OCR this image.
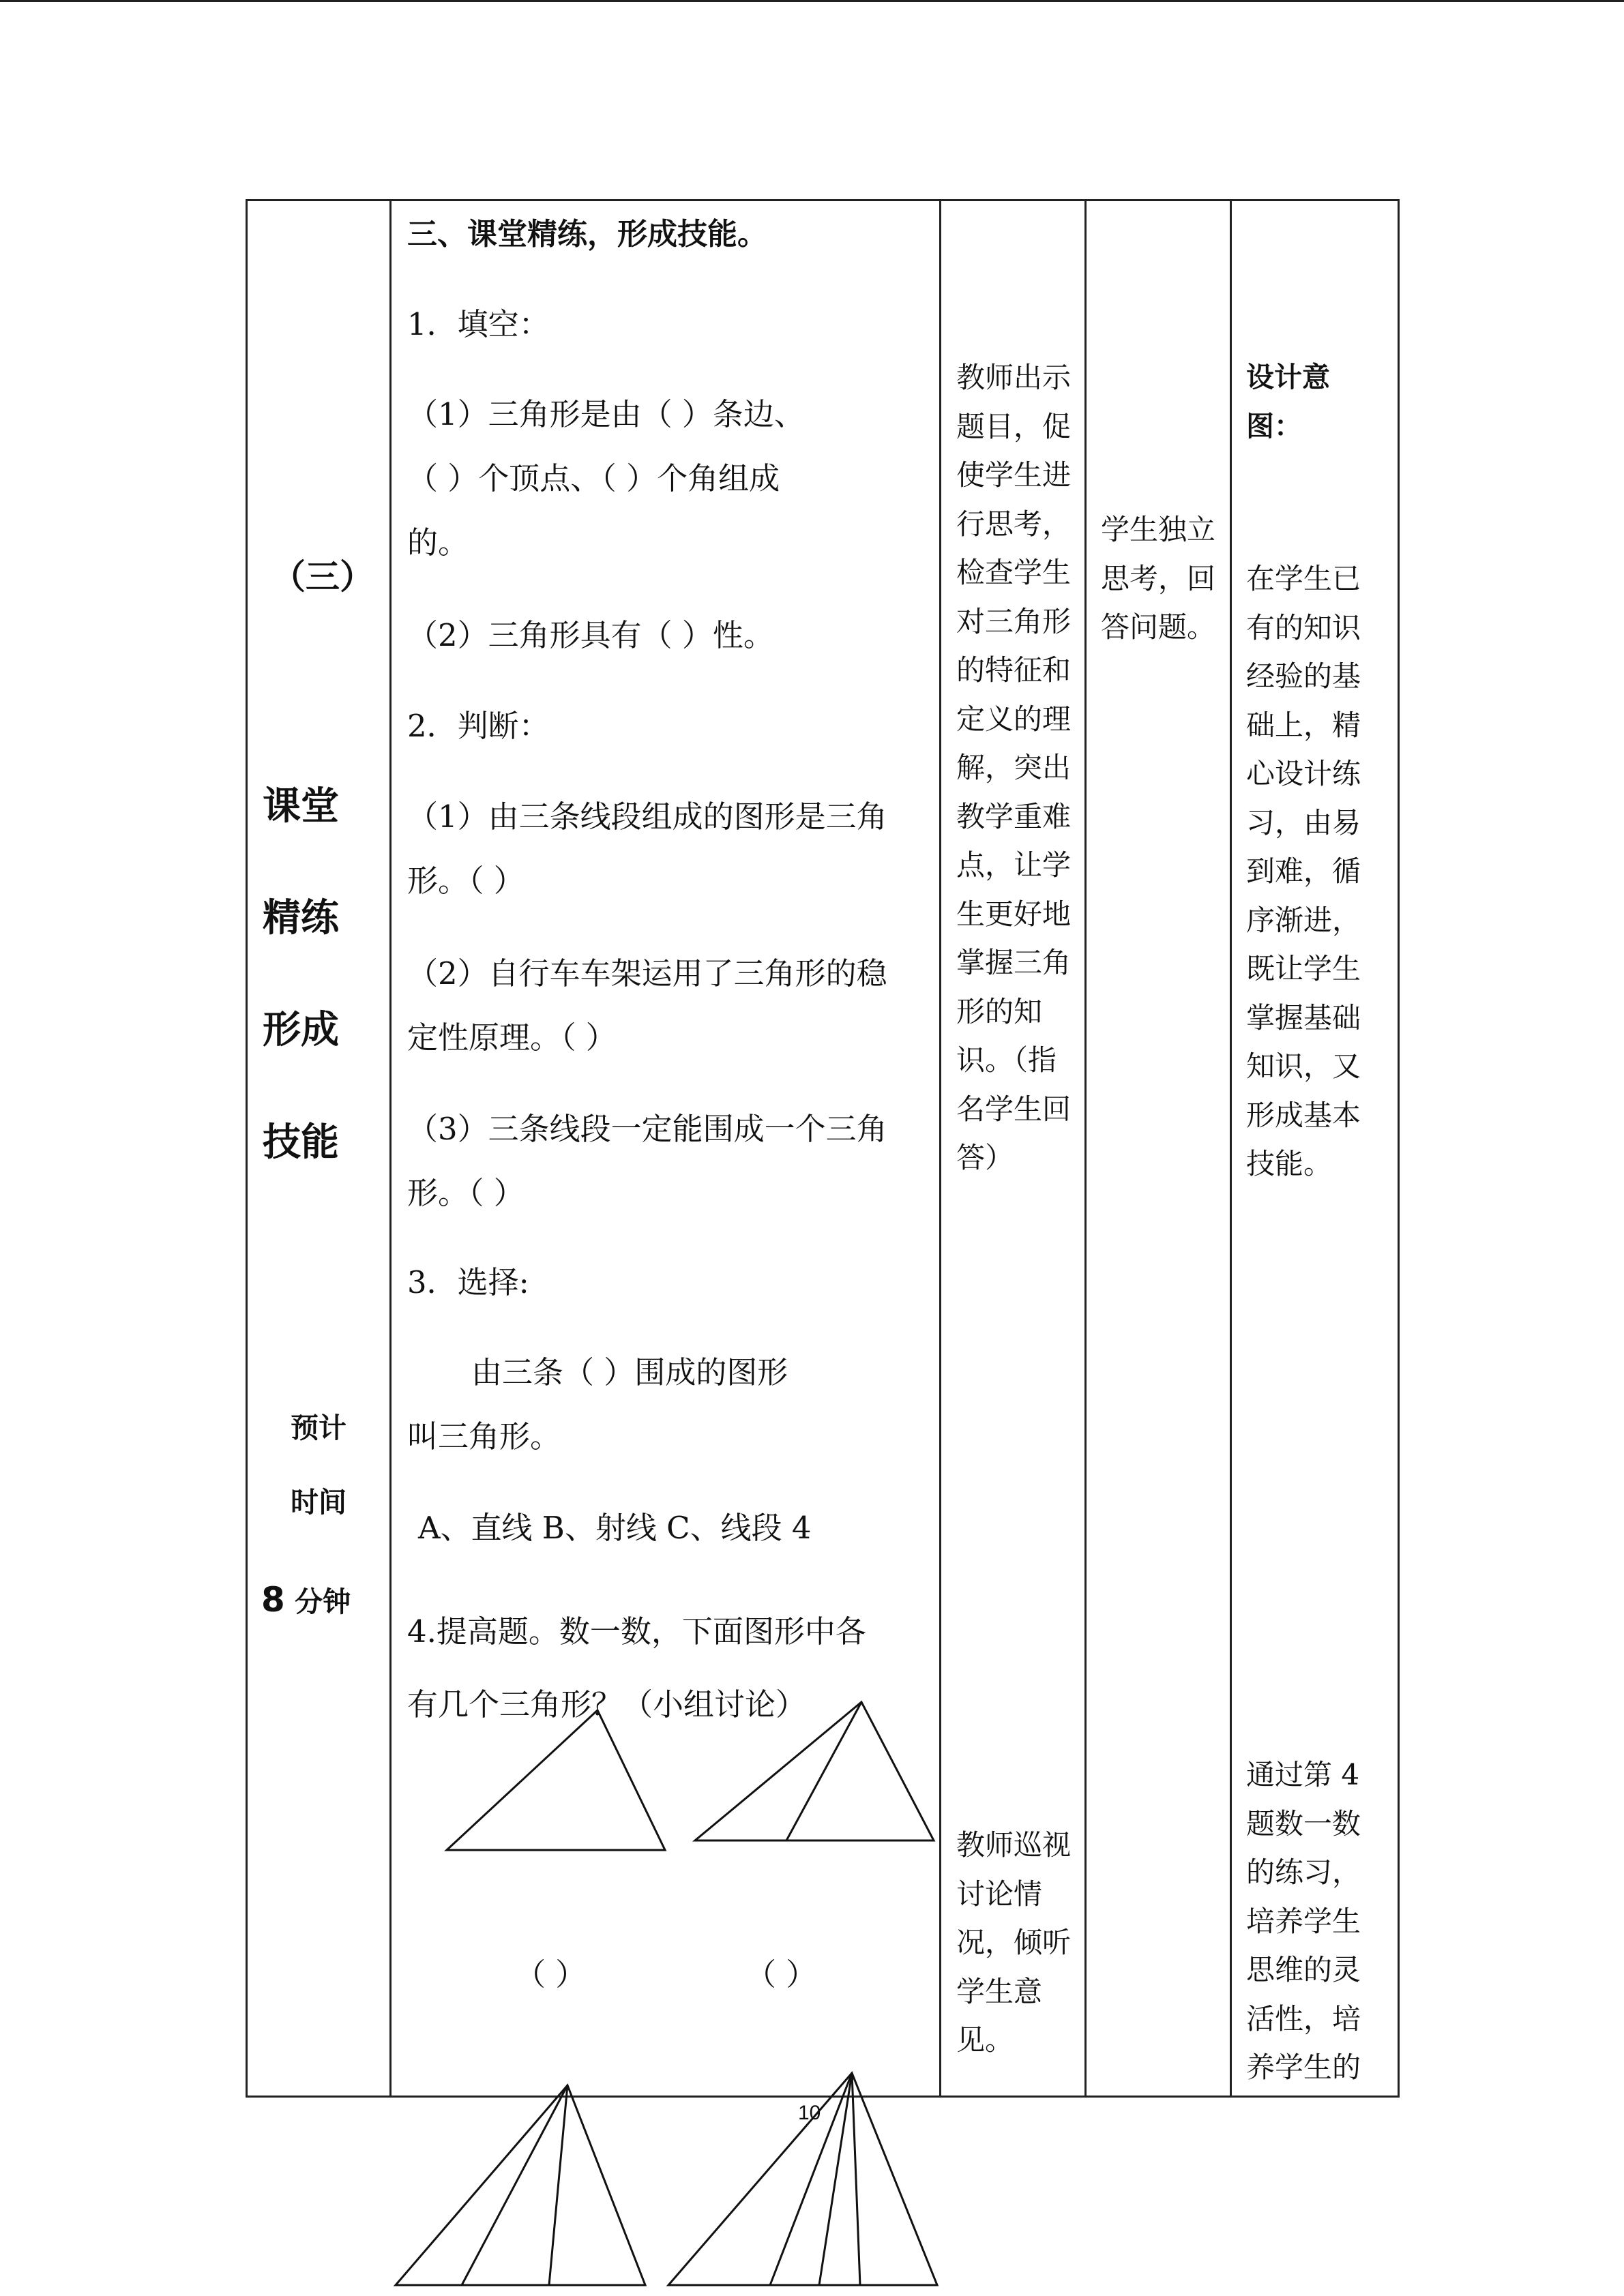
（三）
课堂
精练
形成
技能
预计
时间
8 分钟
三、课堂精练，形成技能。
1．填空：
（1）三角形是由（ ）条边、
（ ）个顶点、（ ）个角组成
的。
（2）三角形具有（ ）性。
2．判断：
（1）由三条线段组成的图形是三角
形。（ ）
（2）自行车车架运用了三角形的稳
定性原理。（ ）
（3）三条线段一定能围成一个三角
形。（ ）
3．选择:
由三条（ ）围成的图形
叫三角形。
A、直线 B、射线 C、线段 4
4.提高题。数一数，下面图形中各
有几个三角形？（小组讨论）
（ ）	（ ）
教师出示
题目，促
使学生进
行思考，
检查学生
对三角形
的特征和
定义的理
解，突出
教学重难
点，让学
生更好地
掌握三角
形的知
识。（指
名学生回
答）
教师巡视
讨论情
况，倾听
学生意
见。
学生独立
思考，回
答问题。
设计意
图：
在学生已
有的知识
经验的基
础上，精
心设计练
习，由易
到难，循
序渐进，
既让学生
掌握基础
知识，又
形成基本
技能。
通过第 4
题数一数
的练习，
培养学生
思维的灵
活性，培
养学生的
10
